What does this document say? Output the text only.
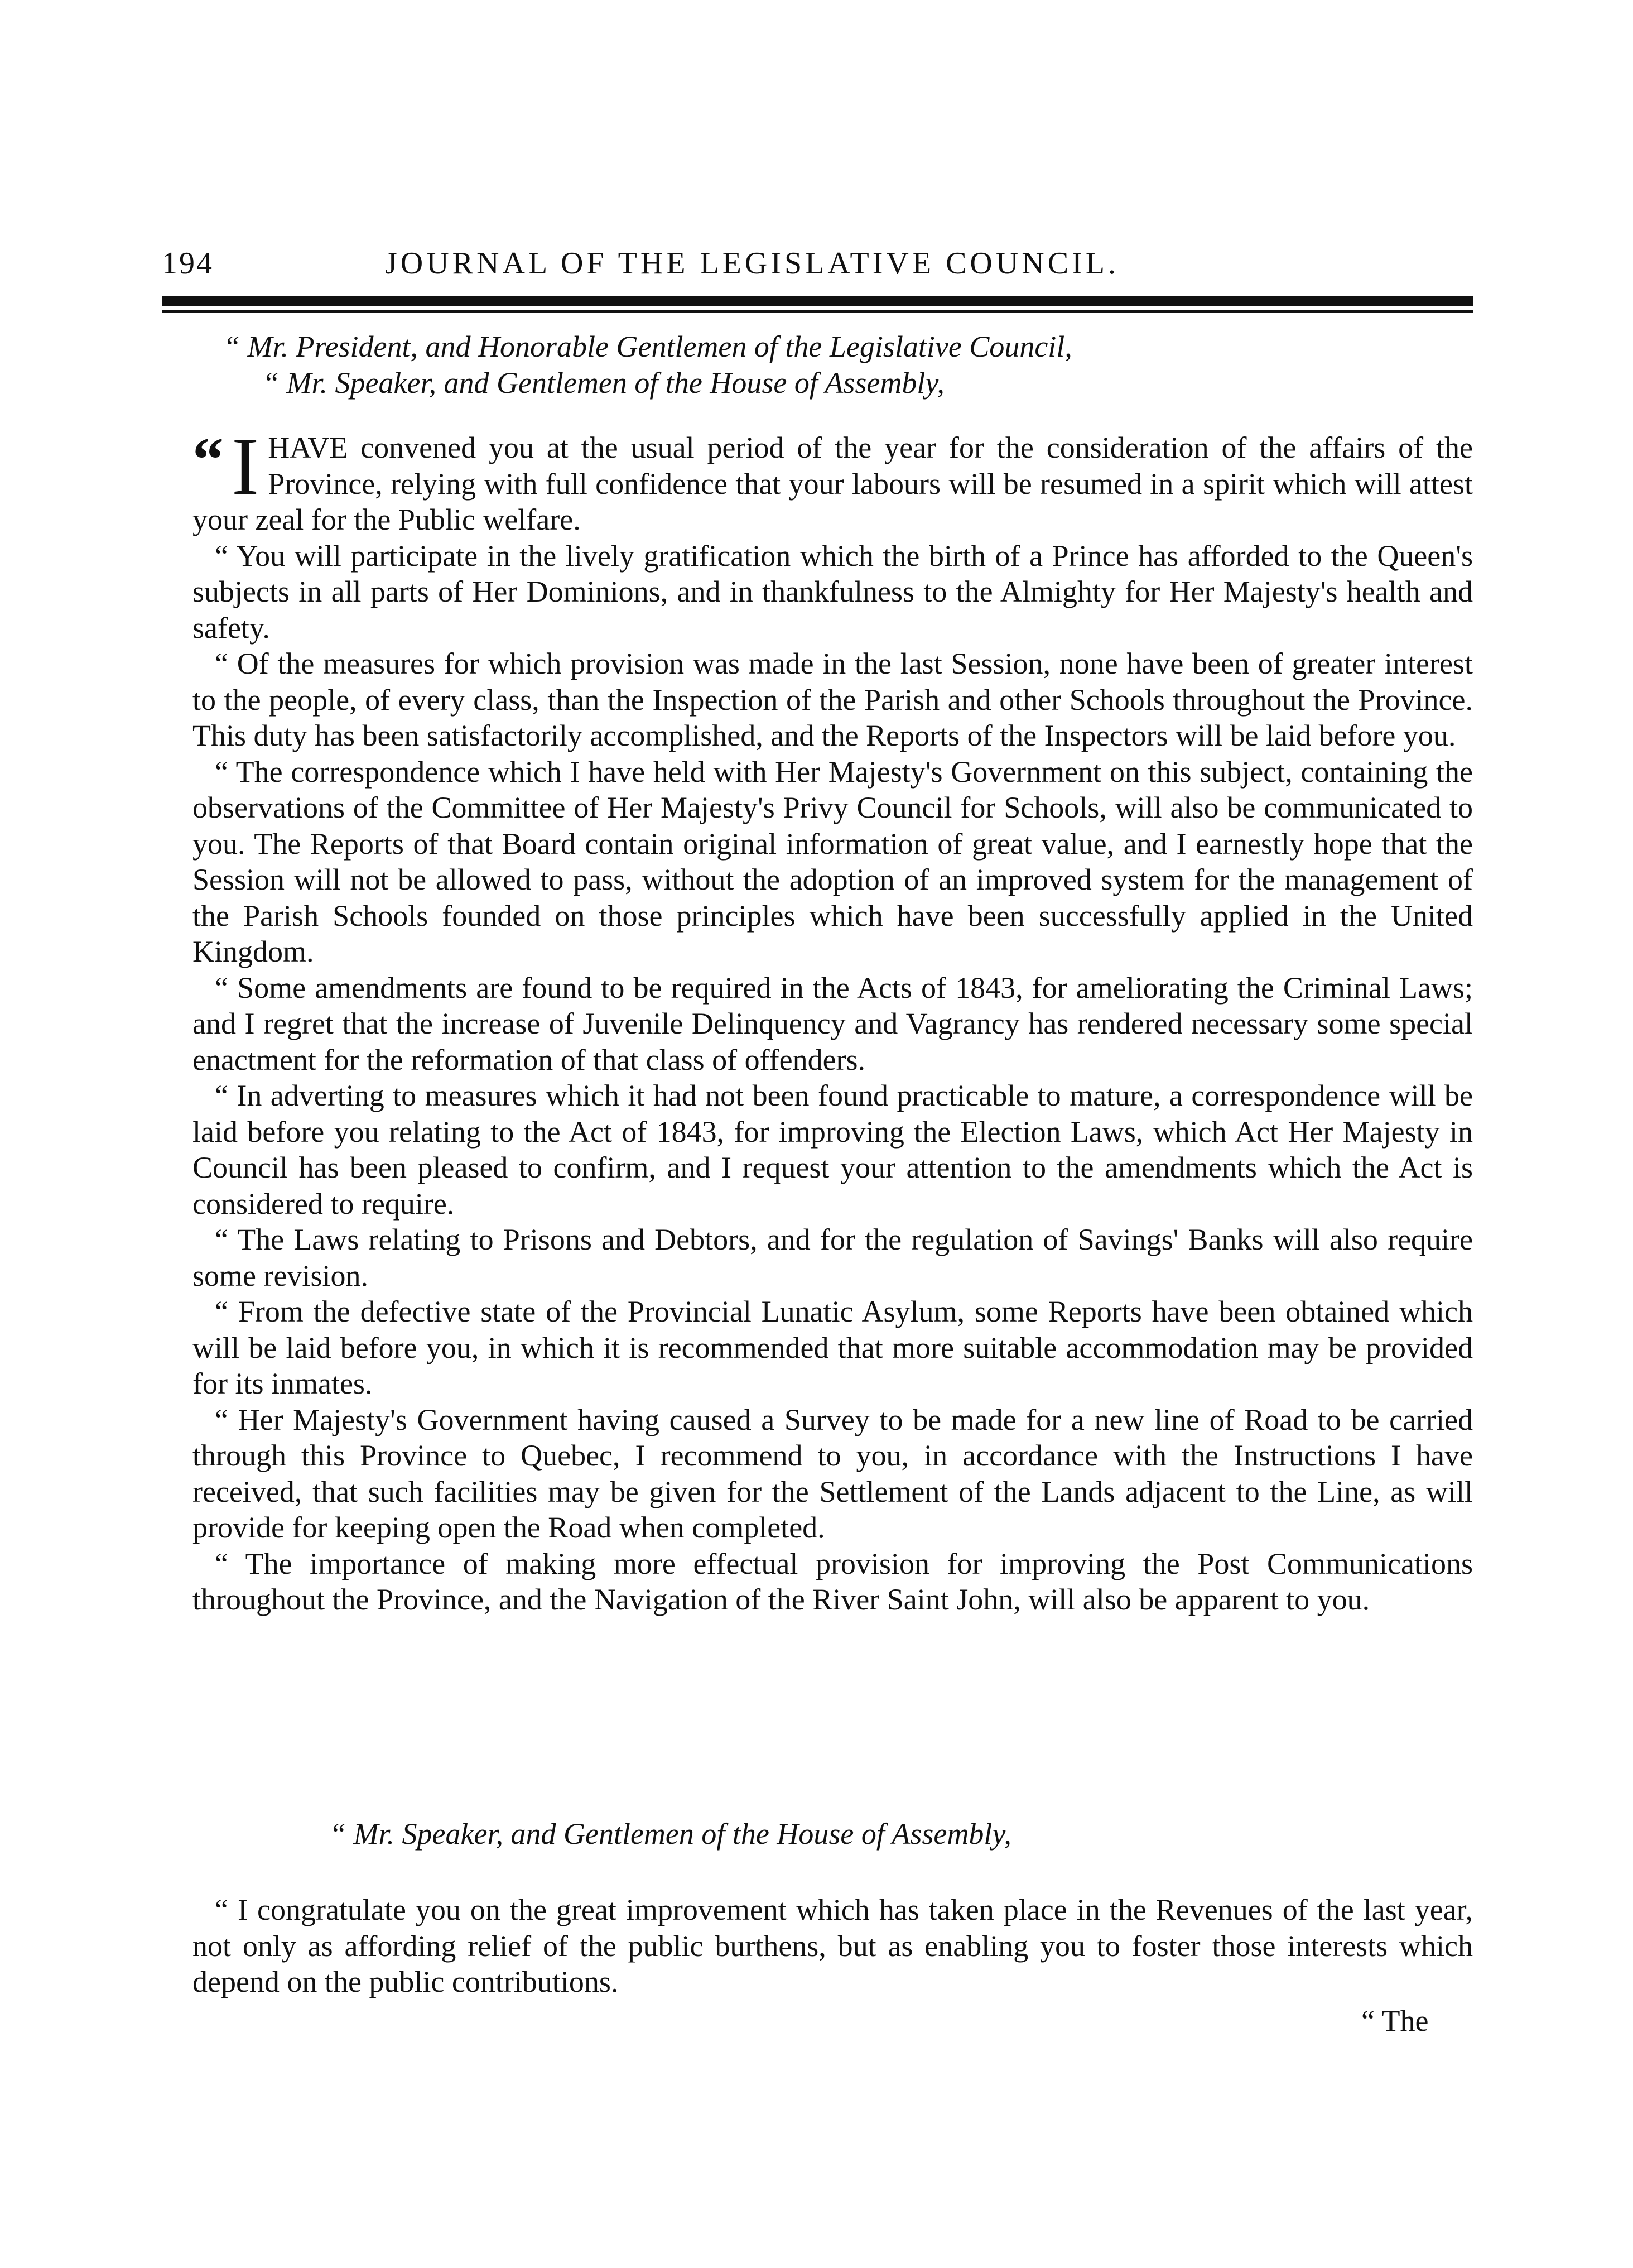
194	JOURNAL OF THE LEGISLATIVE COUNCIL.
“ Mr. President, and Honorable Gentlemen of the Legislative Council,
“ Mr. Speaker, and Gentlemen of the House of Assembly,

“ I HAVE convened you at the usual period of the year for the consideration of the affairs of the Province, relying with full confidence that your labours will be resumed in a spirit which will attest your zeal for the Public welfare.

“ You will participate in the lively gratification which the birth of a Prince has afforded to the Queen's subjects in all parts of Her Dominions, and in thankfulness to the Almighty for Her Majesty's health and safety.

“ Of the measures for which provision was made in the last Session, none have been of greater interest to the people, of every class, than the Inspection of the Parish and other Schools throughout the Province. This duty has been satisfactorily accomplished, and the Reports of the Inspectors will be laid before you.

“ The correspondence which I have held with Her Majesty's Government on this subject, containing the observations of the Committee of Her Majesty's Privy Council for Schools, will also be communicated to you. The Reports of that Board contain original information of great value, and I earnestly hope that the Session will not be allowed to pass, without the adoption of an improved system for the management of the Parish Schools founded on those principles which have been successfully applied in the United Kingdom.

“ Some amendments are found to be required in the Acts of 1843, for ameliorating the Criminal Laws; and I regret that the increase of Juvenile Delinquency and Vagrancy has rendered necessary some special enactment for the reformation of that class of offenders.

“ In adverting to measures which it had not been found practicable to mature, a correspondence will be laid before you relating to the Act of 1843, for improving the Election Laws, which Act Her Majesty in Council has been pleased to confirm, and I request your attention to the amendments which the Act is considered to require.

“ The Laws relating to Prisons and Debtors, and for the regulation of Savings' Banks will also require some revision.

“ From the defective state of the Provincial Lunatic Asylum, some Reports have been obtained which will be laid before you, in which it is recommended that more suitable accommodation may be provided for its inmates.

“ Her Majesty's Government having caused a Survey to be made for a new line of Road to be carried through this Province to Quebec, I recommend to you, in accordance with the Instructions I have received, that such facilities may be given for the Settlement of the Lands adjacent to the Line, as will provide for keeping open the Road when completed.

“ The importance of making more effectual provision for improving the Post Communications throughout the Province, and the Navigation of the River Saint John, will also be apparent to you.

“ Mr. Speaker, and Gentlemen of the House of Assembly,

“ I congratulate you on the great improvement which has taken place in the Revenues of the last year, not only as affording relief of the public burthens, but as enabling you to foster those interests which depend on the public contributions.

“ The
